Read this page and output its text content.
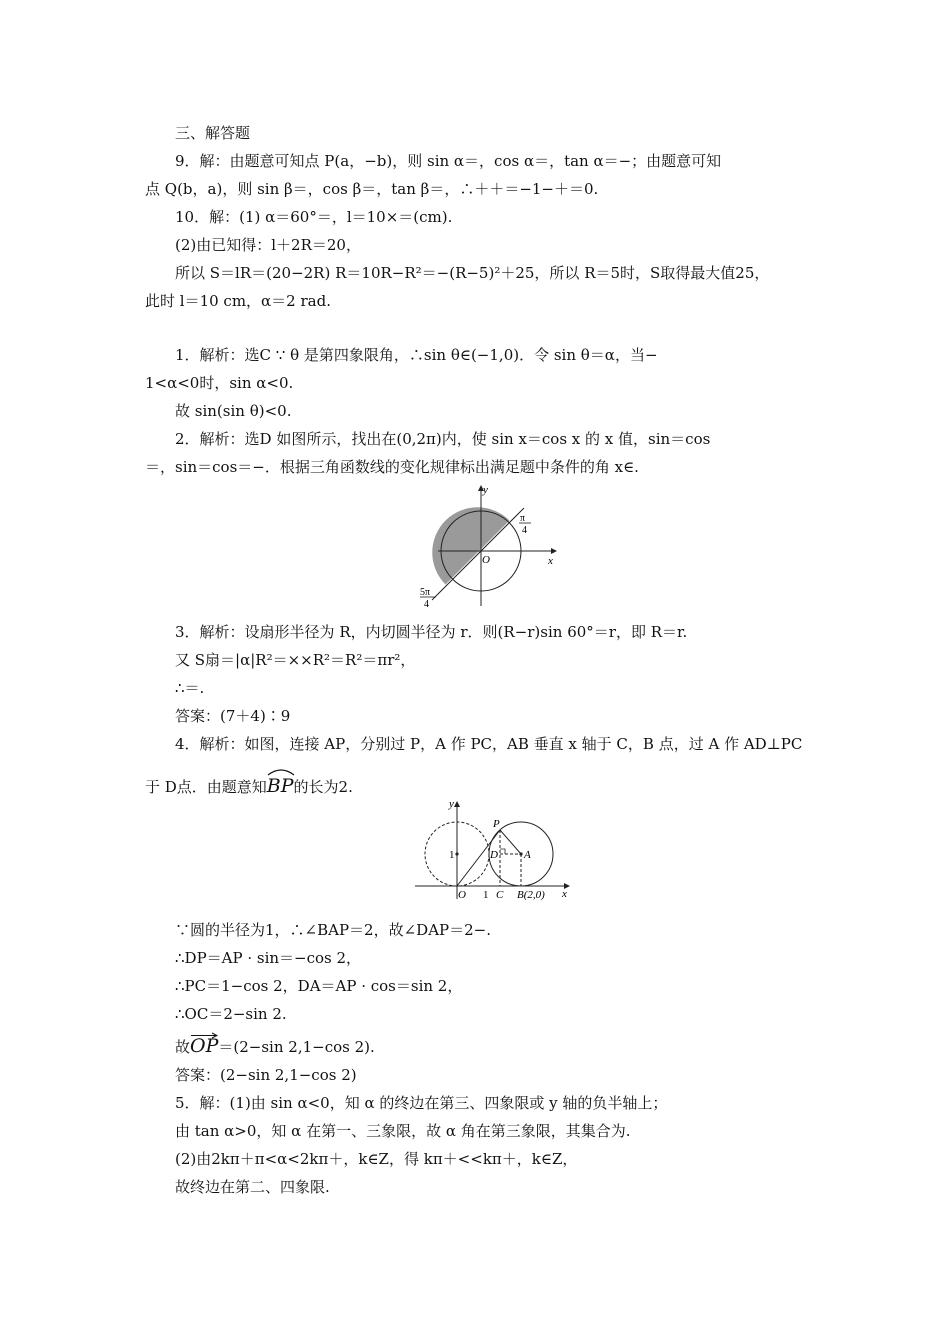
三、解答题
9．解：由题意可知点 P(a，−b)，则 sin α＝，cos α＝，tan α＝−；由题意可知
点 Q(b，a)，则 sin β＝，cos β＝，tan β＝，∴＋＋＝−1−＋＝0.
10．解：(1) α＝60°＝，l＝10×＝(cm).
(2)由已知得：l＋2R＝20，
所以 S＝lR＝(20−2R) R＝10R−R²＝−(R−5)²＋25，所以 R＝5时，S取得最大值25，
此时 l＝10 cm，α＝2 rad.
1．解析：选C ∵ θ 是第四象限角，∴sin θ∈(−1,0)．令 sin θ＝α，当−
1<α<0时，sin α<0.
故 sin(sin θ)<0.
2．解析：选D 如图所示，找出在(0,2π)内，使 sin x＝cos x 的 x 值，sin＝cos
＝，sin＝cos＝−．根据三角函数线的变化规律标出满足题中条件的角 x∈.
y
x
O
π
4
5π
4
3．解析：设扇形半径为 R，内切圆半径为 r．则(R−r)sin 60°＝r，即 R＝r.
又 S扇＝|α|R²＝××R²＝R²＝πr²，
∴＝.
答案：(7＋4)∶9
4．解析：如图，连接 AP，分别过 P，A 作 PC，AB 垂直 x 轴于 C，B 点，过 A 作 AD⊥PC
于 D点．由题意知
BP的长为2.
y
x
O
1
1 C B(2,0)
P
D A
∵圆的半径为1，∴∠BAP＝2，故∠DAP＝2−.
∴DP＝AP · sin＝−cos 2，
∴PC＝1−cos 2，DA＝AP · cos＝sin 2，
∴OC＝2−sin 2.
故
OP＝(2−sin 2,1−cos 2).
答案：(2−sin 2,1−cos 2)
5．解：(1)由 sin α<0，知 α 的终边在第三、四象限或 y 轴的负半轴上；
由 tan α>0，知 α 在第一、三象限，故 α 角在第三象限，其集合为.
(2)由2kπ＋π<α<2kπ＋，k∈Z，得 kπ＋<<kπ＋，k∈Z，
故终边在第二、四象限.
